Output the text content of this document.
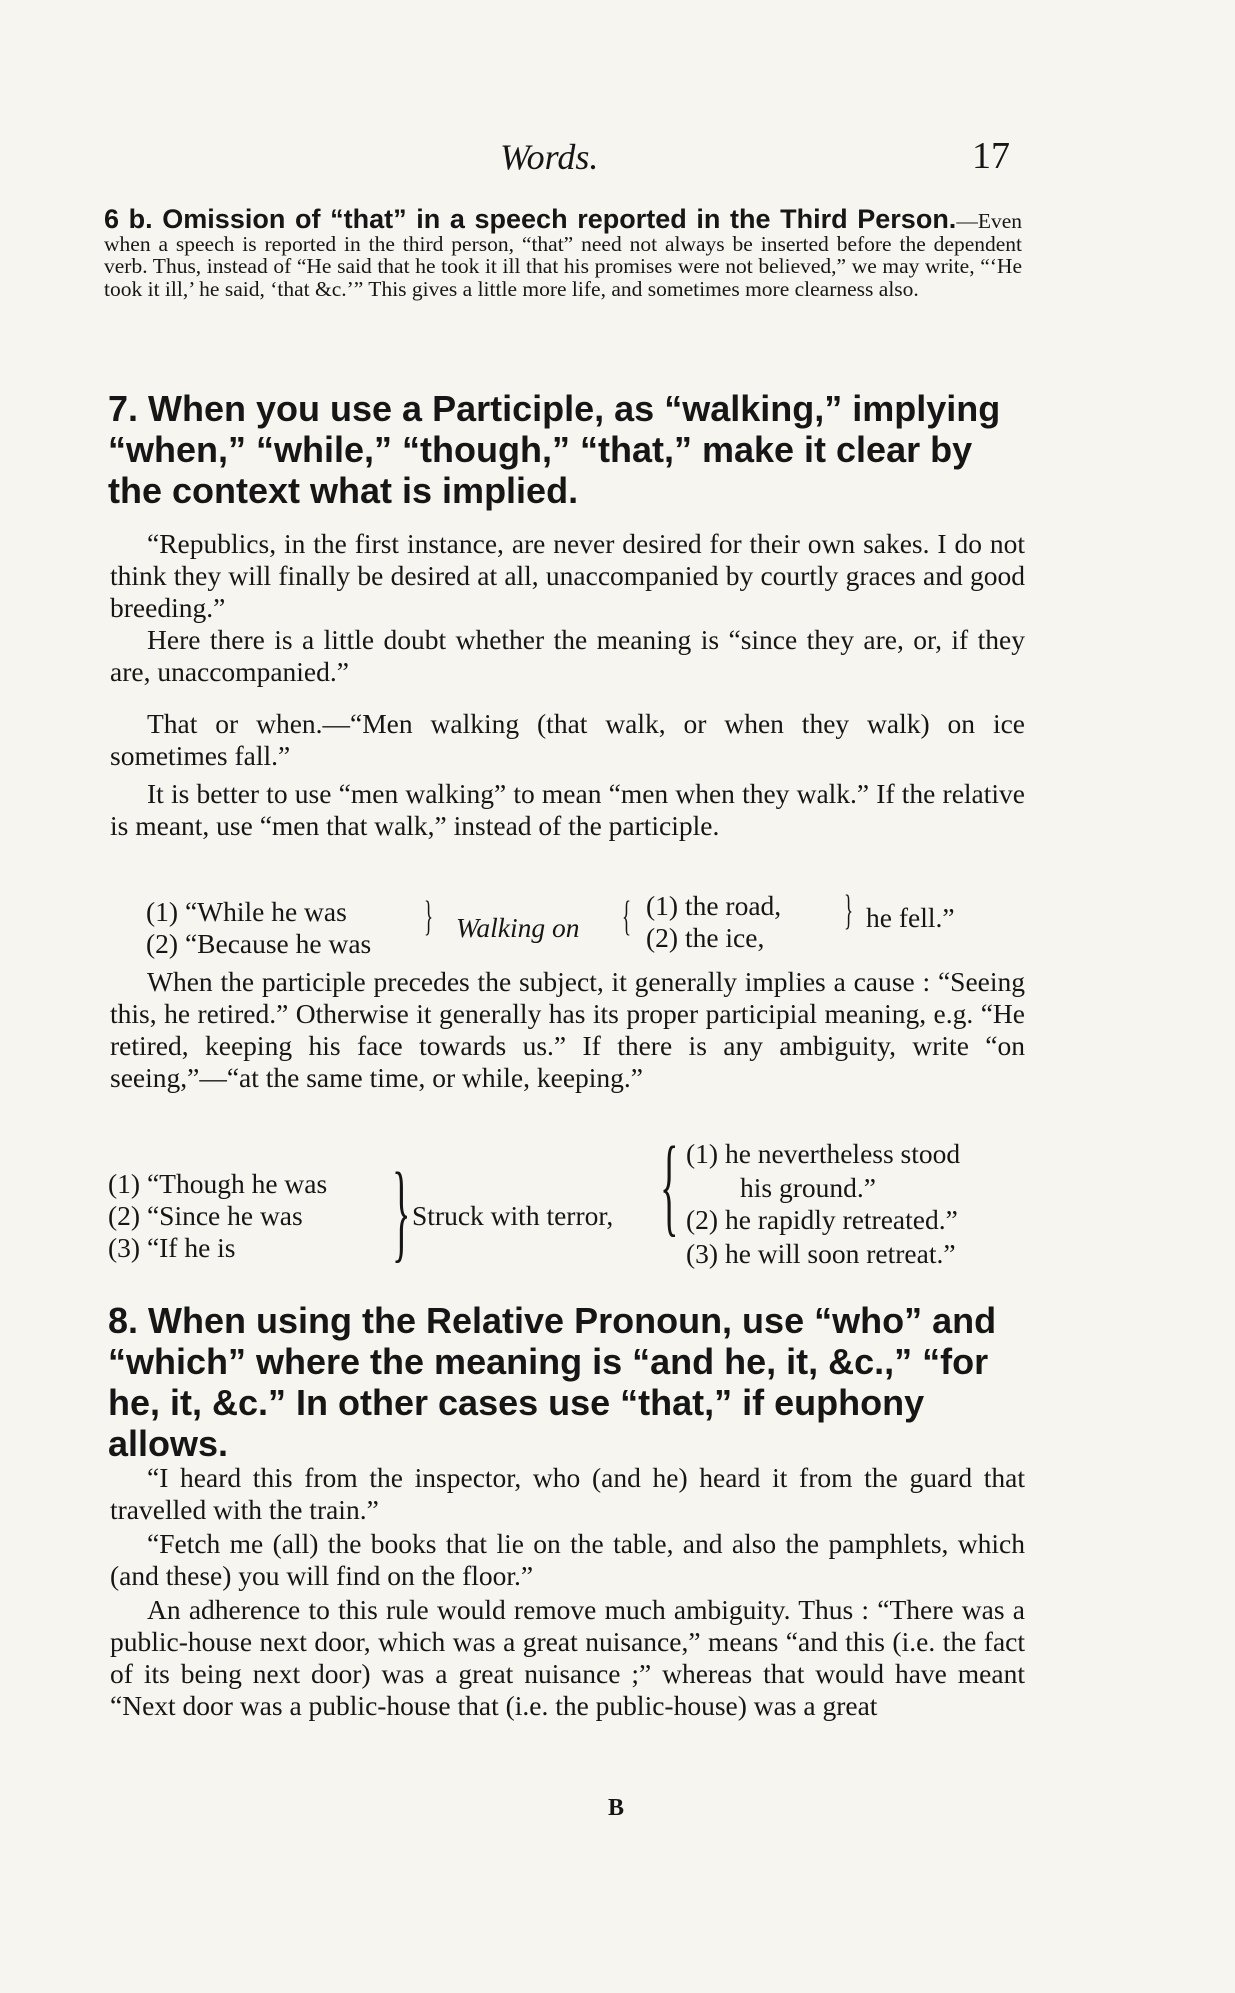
Words.	17
6 b. Omission of “that” in a speech reported in the Third Person.—Even when a speech is reported in the third person, “that” need not always be inserted before the dependent verb. Thus, instead of “He said that he took it ill that his promises were not believed,” we may write, “‘He took it ill,’ he said, ‘that &c.’” This gives a little more life, and sometimes more clearness also.
7. When you use a Participle, as “walking,” implying “when,” “while,” “though,” “that,” make it clear by the context what is implied.
“Republics, in the first instance, are never desired for their own sakes. I do not think they will finally be desired at all, unaccompanied by courtly graces and good breeding.”
Here there is a little doubt whether the meaning is “since they are, or, if they are, unaccompanied.”
That or when.—“Men walking (that walk, or when they walk) on ice sometimes fall.”
It is better to use “men walking” to mean “men when they walk.” If the relative is meant, use “men that walk,” instead of the participle.
(1) “While he was
(2) “Because he was
} Walking on { (1) the road,
(2) the ice,
} he fell.”
When the participle precedes the subject, it generally implies a cause : “Seeing this, he retired.” Otherwise it generally has its proper participial meaning, e.g. “He retired, keeping his face towards us.” If there is any ambiguity, write “on seeing,”—“at the same time, or while, keeping.”
(1) “Though he was
(2) “Since he was
(3) “If he is } Struck with terror, { (1) he nevertheless stood
his ground.”
(2) he rapidly retreated.”
(3) he will soon retreat.”
8. When using the Relative Pronoun, use “who” and “which” where the meaning is “and he, it, &c.,” “for he, it, &c.” In other cases use “that,” if euphony allows.
“I heard this from the inspector, who (and he) heard it from the guard that travelled with the train.”
“Fetch me (all) the books that lie on the table, and also the pamphlets, which (and these) you will find on the floor.”
An adherence to this rule would remove much ambiguity. Thus : “There was a public-house next door, which was a great nuisance,” means “and this (i.e. the fact of its being next door) was a great nuisance ;” whereas that would have meant “Next door was a public-house that (i.e. the public-house) was a great
B
